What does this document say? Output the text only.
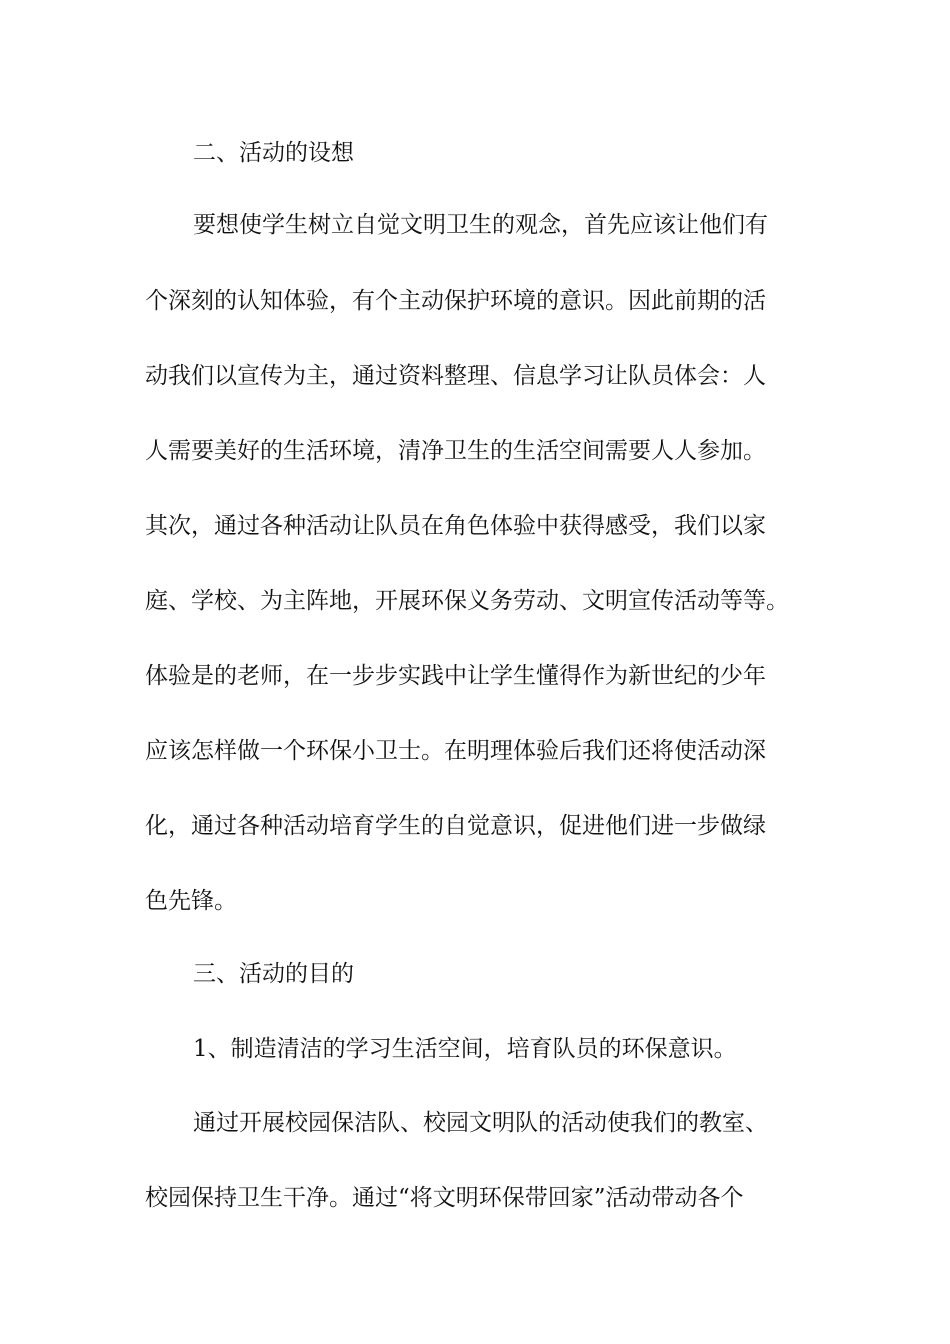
二、活动的设想
要想使学生树立自觉文明卫生的观念，首先应该让他们有
个深刻的认知体验，有个主动保护环境的意识。因此前期的活
动我们以宣传为主，通过资料整理、信息学习让队员体会：人
人需要美好的生活环境，清净卫生的生活空间需要人人参加。
其次，通过各种活动让队员在角色体验中获得感受，我们以家
庭、学校、为主阵地，开展环保义务劳动、文明宣传活动等等。
体验是的老师，在一步步实践中让学生懂得作为新世纪的少年
应该怎样做一个环保小卫士。在明理体验后我们还将使活动深
化，通过各种活动培育学生的自觉意识，促进他们进一步做绿
色先锋。
三、活动的目的
1、制造清洁的学习生活空间，培育队员的环保意识。
通过开展校园保洁队、校园文明队的活动使我们的教室、
校园保持卫生干净。通过“将文明环保带回家”活动带动各个
